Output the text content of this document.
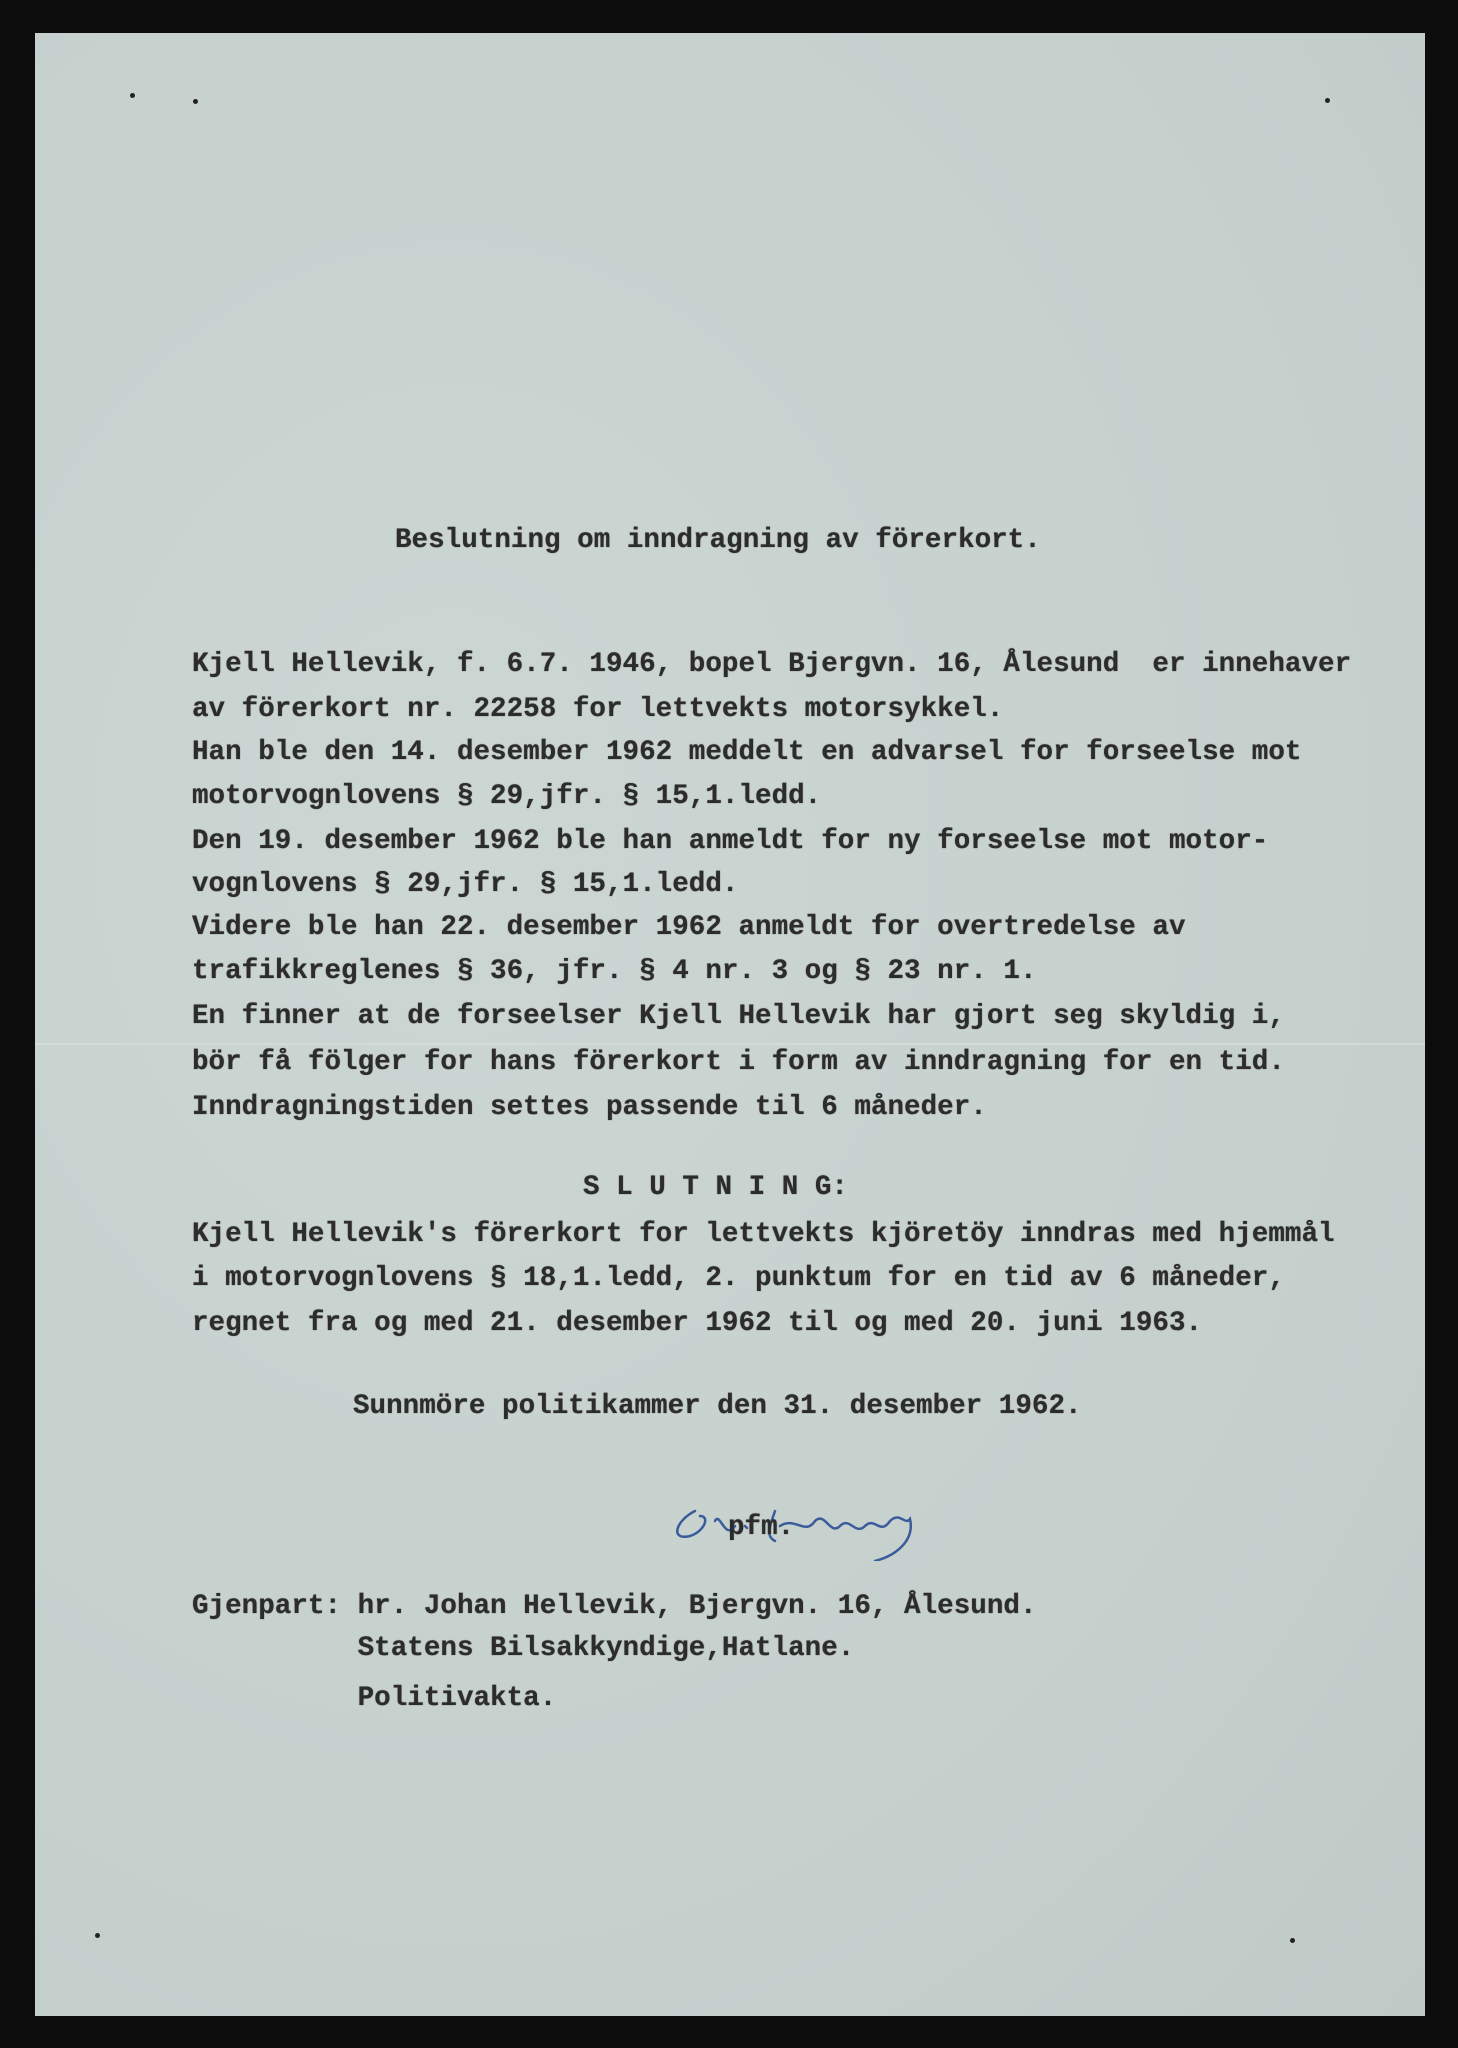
Beslutning om inndragning av förerkort.
Kjell Hellevik, f. 6.7. 1946, bopel Bjergvn. 16, Ålesund  er innehaver
av förerkort nr. 22258 for lettvekts motorsykkel.
Han ble den 14. desember 1962 meddelt en advarsel for forseelse mot
motorvognlovens § 29,jfr. § 15,1.ledd.
Den 19. desember 1962 ble han anmeldt for ny forseelse mot motor-
vognlovens § 29,jfr. § 15,1.ledd.
Videre ble han 22. desember 1962 anmeldt for overtredelse av
trafikkreglenes § 36, jfr. § 4 nr. 3 og § 23 nr. 1.
En finner at de forseelser Kjell Hellevik har gjort seg skyldig i,
bör få fölger for hans förerkort i form av inndragning for en tid.
Inndragningstiden settes passende til 6 måneder.
S L U T N I N G:
Kjell Hellevik's förerkort for lettvekts kjöretöy inndras med hjemmål
i motorvognlovens § 18,1.ledd, 2. punktum for en tid av 6 måneder,
regnet fra og med 21. desember 1962 til og med 20. juni 1963.
Sunnmöre politikammer den 31. desember 1962.
pfm.
Gjenpart: hr. Johan Hellevik, Bjergvn. 16, Ålesund.
Statens Bilsakkyndige,Hatlane.
Politivakta.
